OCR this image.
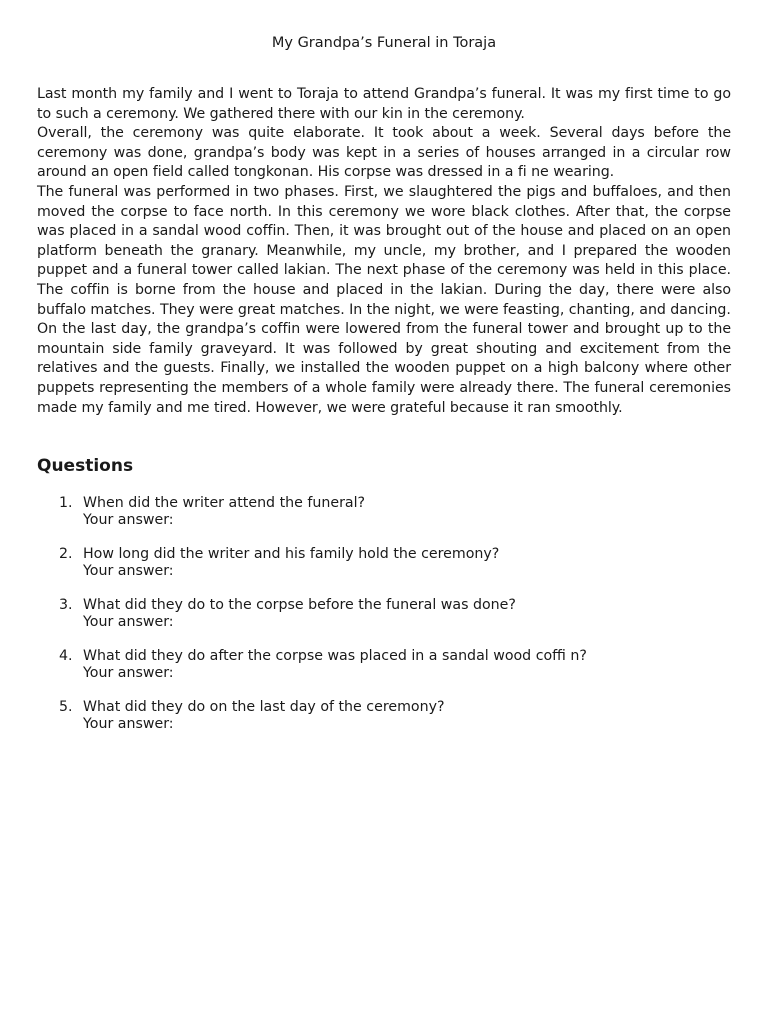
My Grandpa’s Funeral in Toraja

Last month my family and I went to Toraja to attend Grandpa’s funeral. It was my first time to go to such a ceremony. We gathered there with our kin in the ceremony.

Overall, the ceremony was quite elaborate. It took about a week. Several days before the ceremony was done, grandpa’s body was kept in a series of houses arranged in a circular row around an open field called tongkonan. His corpse was dressed in a fi ne wearing.

The funeral was performed in two phases. First, we slaughtered the pigs and buffaloes, and then moved the corpse to face north. In this ceremony we wore black clothes. After that, the corpse was placed in a sandal wood coffin. Then, it was brought out of the house and placed on an open platform beneath the granary. Meanwhile, my uncle, my brother, and I prepared the wooden puppet and a funeral tower called lakian. The next phase of the ceremony was held in this place. The coffin is borne from the house and placed in the lakian. During the day, there were also buffalo matches. They were great matches. In the night, we were feasting, chanting, and dancing.

On the last day, the grandpa’s coffin were lowered from the funeral tower and brought up to the mountain side family graveyard. It was followed by great shouting and excitement from the relatives and the guests. Finally, we installed the wooden puppet on a high balcony where other puppets representing the members of a whole family were already there. The funeral ceremonies made my family and me tired. However, we were grateful because it ran smoothly.

Questions
1. When did the writer attend the funeral?
Your answer:
2. How long did the writer and his family hold the ceremony?
Your answer:
3. What did they do to the corpse before the funeral was done?
Your answer:
4. What did they do after the corpse was placed in a sandal wood coffi n?
Your answer:
5. What did they do on the last day of the ceremony?
Your answer:
